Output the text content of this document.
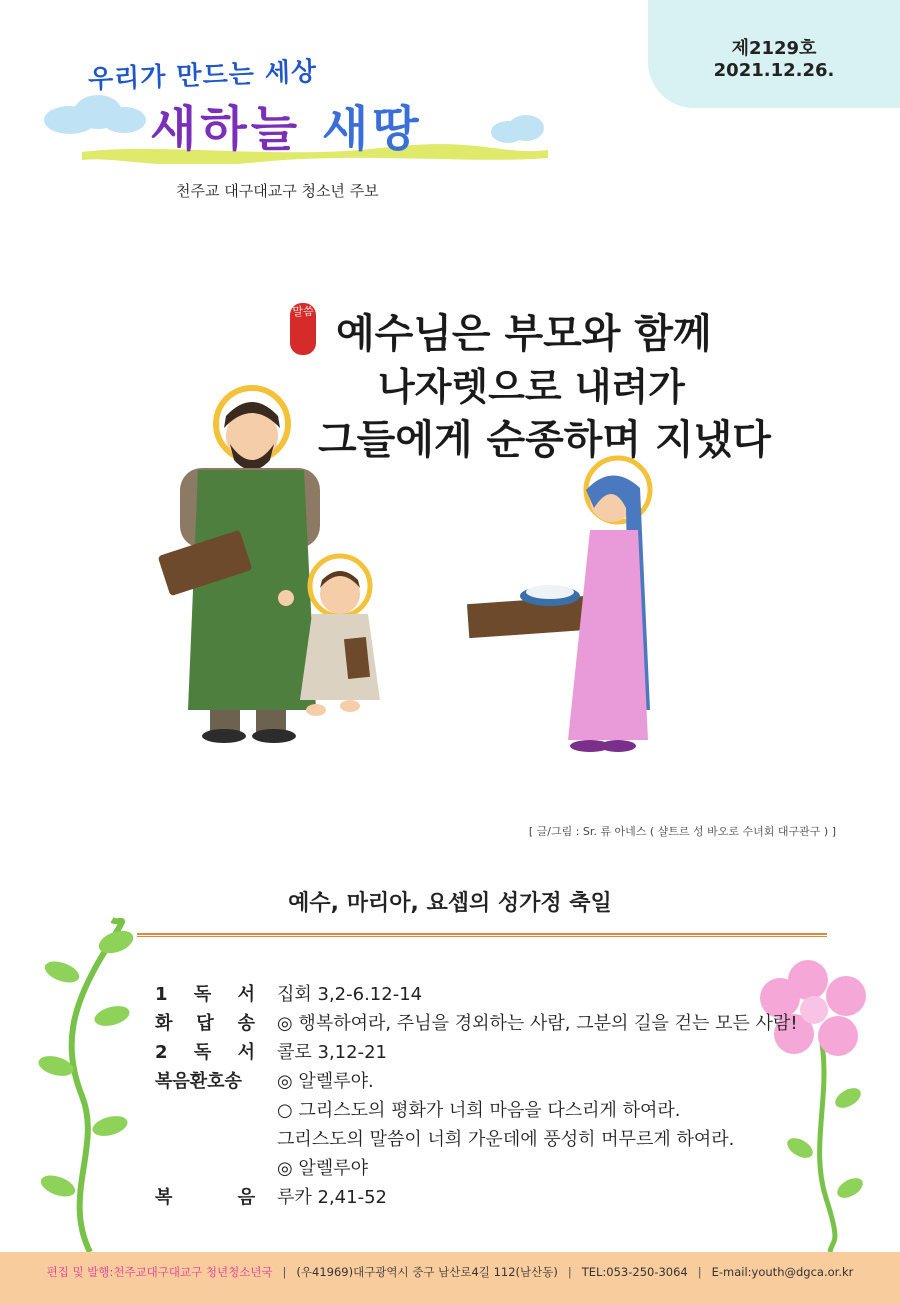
제2129호
2021.12.26.
우리가 만드는 세상
새하늘 새땅
천주교 대구대교구 청소년 주보
말씀 예수님은 부모와 함께
나자렛으로 내려가
그들에게 순종하며 지냈다
[ 글/그림 : Sr. 류 아네스 ( 샬트르 성 바오로 수녀회 대구관구 ) ]
예수, 마리아, 요셉의 성가정 축일
1 독 서 집회 3,2-6.12-14
화 답 송 ◎ 행복하여라, 주님을 경외하는 사람, 그분의 길을 걷는 모든 사람!
2 독 서 콜로 3,12-21
복음환호송	◎ 알렐루야.
○ 그리스도의 평화가 너희 마음을 다스리게 하여라.
그리스도의 말씀이 너희 가운데에 풍성히 머무르게 하여라.
◎ 알렐루야
복 음 루카 2,41-52
편집 및 발행:천주교대구대교구 청년청소년국 | (우41969)대구광역시 중구 남산로4길 112(남산동) | TEL:053-250-3064 | E-mail:youth@dgca.or.kr
